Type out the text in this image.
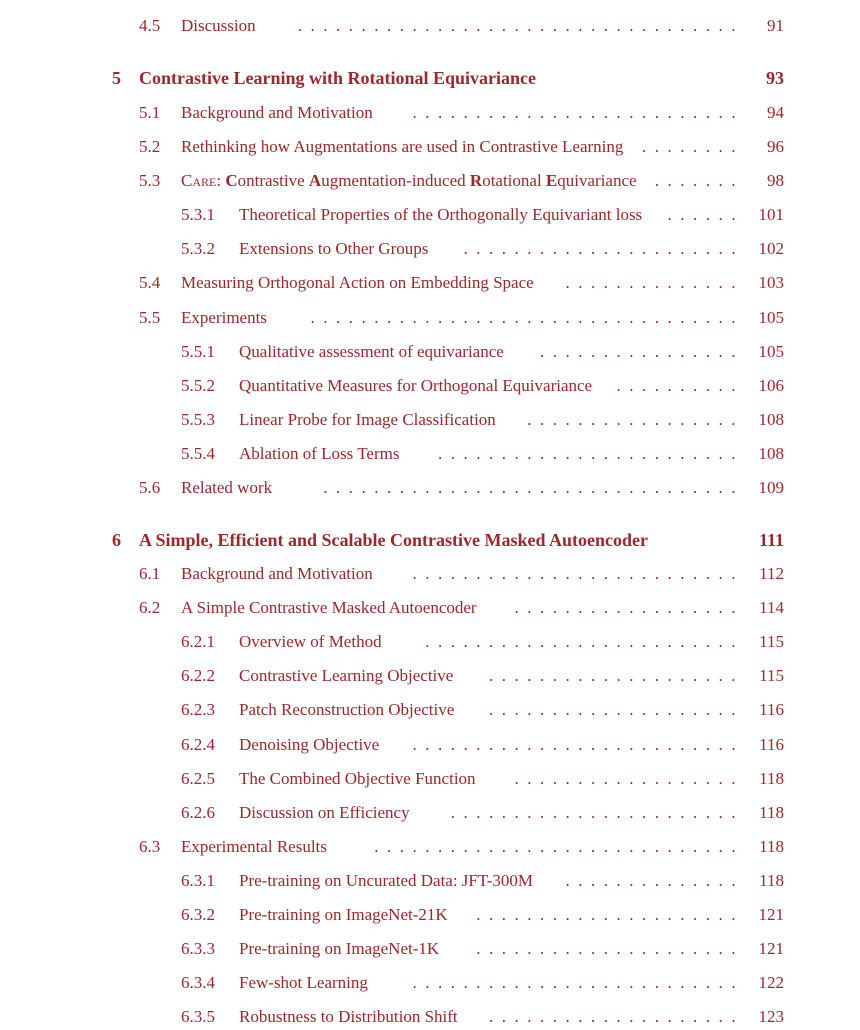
4.5 Discussion	91
. . . . . . . . . . . . . . . . . . . . . . . . . . . . . . . . . . . 
5 Contrastive Learning with Rotational Equivariance	93
5.1 Background and Motivation	94
. . . . . . . . . . . . . . . . . . . . . . . . . . 
5.2 Rethinking how Augmentations are used in Contrastive Learning	96
. . . . . . . . 
5.3 Care : C ontrastive A ugmentation-induced R otational E quivariance	98
. . . . . . . 
5.3.1 Theoretical Properties of the Orthogonally Equivariant loss	101
. . . . . . 
5.3.2 Extensions to Other Groups	102
. . . . . . . . . . . . . . . . . . . . . . 
5.4 Measuring Orthogonal Action on Embedding Space	103
. . . . . . . . . . . . . . 
5.5 Experiments	105
. . . . . . . . . . . . . . . . . . . . . . . . . . . . . . . . . . 
5.5.1 Qualitative assessment of equivariance	105
. . . . . . . . . . . . . . . . 
5.5.2 Quantitative Measures for Orthogonal Equivariance	106
. . . . . . . . . . 
5.5.3 Linear Probe for Image Classification	108
. . . . . . . . . . . . . . . . . 
5.5.4 Ablation of Loss Terms	108
. . . . . . . . . . . . . . . . . . . . . . . . 
5.6 Related work	109
. . . . . . . . . . . . . . . . . . . . . . . . . . . . . . . . . 
6 A Simple, Efficient and Scalable Contrastive Masked Autoencoder	111
6.1 Background and Motivation	112
. . . . . . . . . . . . . . . . . . . . . . . . . . 
6.2 A Simple Contrastive Masked Autoencoder	114
. . . . . . . . . . . . . . . . . . 
6.2.1 Overview of Method	115
. . . . . . . . . . . . . . . . . . . . . . . . . 
6.2.2 Contrastive Learning Objective	115
. . . . . . . . . . . . . . . . . . . . 
6.2.3 Patch Reconstruction Objective	116
. . . . . . . . . . . . . . . . . . . . 
6.2.4 Denoising Objective	116
. . . . . . . . . . . . . . . . . . . . . . . . . . 
6.2.5 The Combined Objective Function	118
. . . . . . . . . . . . . . . . . . 
6.2.6 Discussion on Efficiency	118
. . . . . . . . . . . . . . . . . . . . . . . 
6.3 Experimental Results	118
. . . . . . . . . . . . . . . . . . . . . . . . . . . . . 
6.3.1 Pre-training on Uncurated Data: JFT-300M	118
. . . . . . . . . . . . . . 
6.3.2 Pre-training on ImageNet-21K	121
. . . . . . . . . . . . . . . . . . . . . 
6.3.3 Pre-training on ImageNet-1K	121
. . . . . . . . . . . . . . . . . . . . . 
6.3.4 Few-shot Learning	122
. . . . . . . . . . . . . . . . . . . . . . . . . . 
6.3.5 Robustness to Distribution Shift	123
. . . . . . . . . . . . . . . . . . . . 
